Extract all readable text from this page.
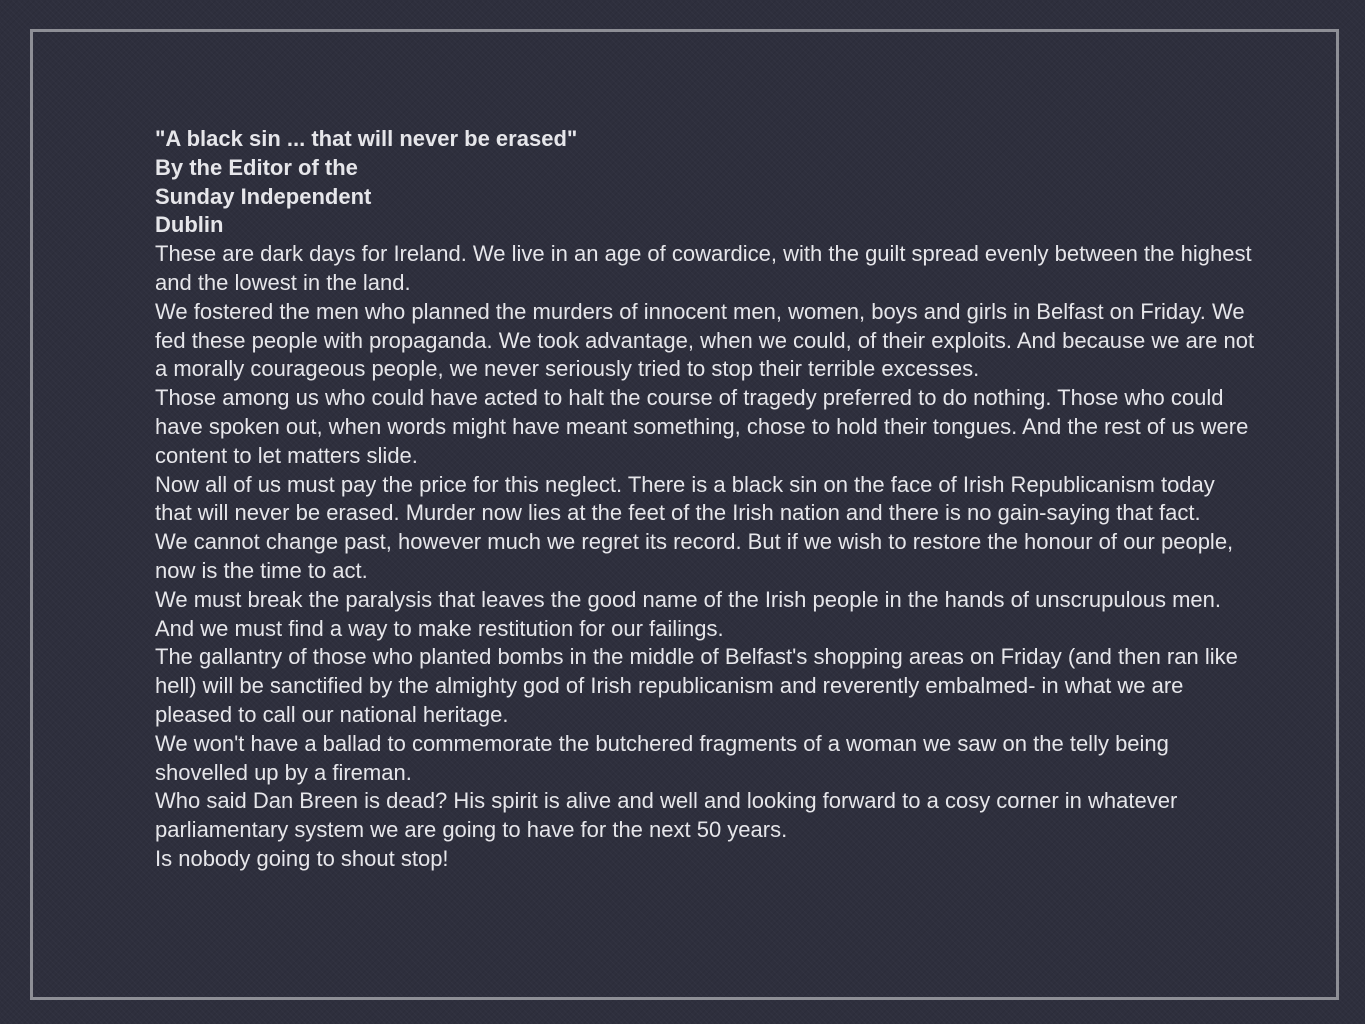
"A black sin ... that will never be erased"

By the Editor of the

Sunday Independent

Dublin

These are dark days for Ireland. We live in an age of cowardice, with the guilt spread evenly between the highest and the lowest in the land.

We fostered the men who planned the murders of innocent men, women, boys and girls in Belfast on Friday. We fed these people with propaganda. We took advantage, when we could, of their exploits. And because we are not a morally courageous people, we never seriously tried to stop their terrible excesses.

Those among us who could have acted to halt the course of tragedy preferred to do nothing. Those who could have spoken out, when words might have meant something, chose to hold their tongues. And the rest of us were content to let matters slide.

Now all of us must pay the price for this neglect. There is a black sin on the face of Irish Republicanism today that will never be erased. Murder now lies at the feet of the Irish nation and there is no gain-saying that fact.

We cannot change past, however much we regret its record. But if we wish to restore the honour of our people, now is the time to act.

We must break the paralysis that leaves the good name of the Irish people in the hands of unscrupulous men. And we must find a way to make restitution for our failings.

The gallantry of those who planted bombs in the middle of Belfast's shopping areas on Friday (and then ran like hell) will be sanctified by the almighty god of Irish republicanism and reverently embalmed- in what we are pleased to call our national heritage.

We won't have a ballad to commemorate the butchered fragments of a woman we saw on the telly being shovelled up by a fireman.

Who said Dan Breen is dead? His spirit is alive and well and looking forward to a cosy corner in whatever parliamentary system we are going to have for the next 50 years.

Is nobody going to shout stop!
